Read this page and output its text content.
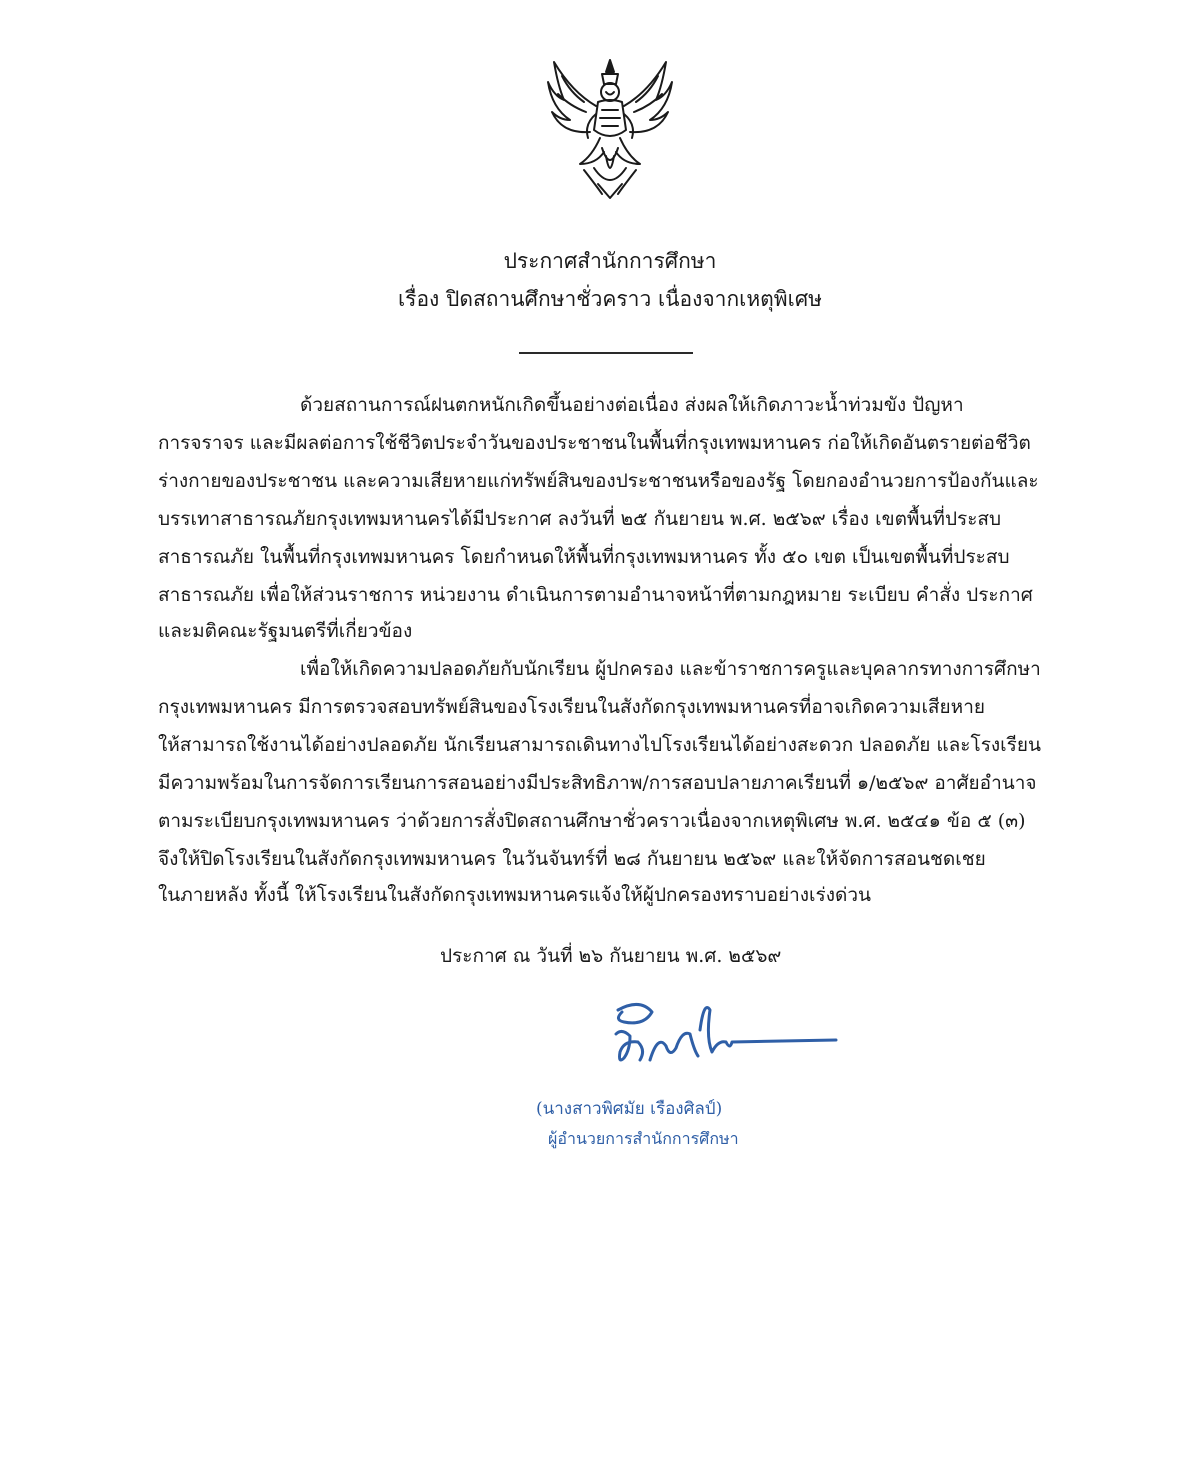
ประกาศสำนักการศึกษา
เรื่อง ปิดสถานศึกษาชั่วคราว เนื่องจากเหตุพิเศษ
ด้วยสถานการณ์ฝนตกหนักเกิดขึ้นอย่างต่อเนื่อง ส่งผลให้เกิดภาวะน้ำท่วมขัง ปัญหา
การจราจร และมีผลต่อการใช้ชีวิตประจำวันของประชาชนในพื้นที่กรุงเทพมหานคร ก่อให้เกิดอันตรายต่อชีวิต
ร่างกายของประชาชน และความเสียหายแก่ทรัพย์สินของประชาชนหรือของรัฐ โดยกองอำนวยการป้องกันและ
บรรเทาสาธารณภัยกรุงเทพมหานครได้มีประกาศ ลงวันที่ ๒๕ กันยายน พ.ศ. ๒๕๖๙ เรื่อง เขตพื้นที่ประสบ
สาธารณภัย ในพื้นที่กรุงเทพมหานคร โดยกำหนดให้พื้นที่กรุงเทพมหานคร ทั้ง ๕๐ เขต เป็นเขตพื้นที่ประสบ
สาธารณภัย เพื่อให้ส่วนราชการ หน่วยงาน ดำเนินการตามอำนาจหน้าที่ตามกฎหมาย ระเบียบ คำสั่ง ประกาศ
และมติคณะรัฐมนตรีที่เกี่ยวข้อง
เพื่อให้เกิดความปลอดภัยกับนักเรียน ผู้ปกครอง และข้าราชการครูและบุคลากรทางการศึกษา
กรุงเทพมหานคร มีการตรวจสอบทรัพย์สินของโรงเรียนในสังกัดกรุงเทพมหานครที่อาจเกิดความเสียหาย
ให้สามารถใช้งานได้อย่างปลอดภัย นักเรียนสามารถเดินทางไปโรงเรียนได้อย่างสะดวก ปลอดภัย และโรงเรียน
มีความพร้อมในการจัดการเรียนการสอนอย่างมีประสิทธิภาพ/การสอบปลายภาคเรียนที่ ๑/๒๕๖๙ อาศัยอำนาจ
ตามระเบียบกรุงเทพมหานคร ว่าด้วยการสั่งปิดสถานศึกษาชั่วคราวเนื่องจากเหตุพิเศษ พ.ศ. ๒๕๔๑ ข้อ ๕ (๓)
จึงให้ปิดโรงเรียนในสังกัดกรุงเทพมหานคร ในวันจันทร์ที่ ๒๘ กันยายน ๒๕๖๙ และให้จัดการสอนชดเชย
ในภายหลัง ทั้งนี้ ให้โรงเรียนในสังกัดกรุงเทพมหานครแจ้งให้ผู้ปกครองทราบอย่างเร่งด่วน
ประกาศ ณ วันที่ ๒๖ กันยายน พ.ศ. ๒๕๖๙
(นางสาวพิศมัย เรืองศิลป์)
ผู้อำนวยการสำนักการศึกษา
